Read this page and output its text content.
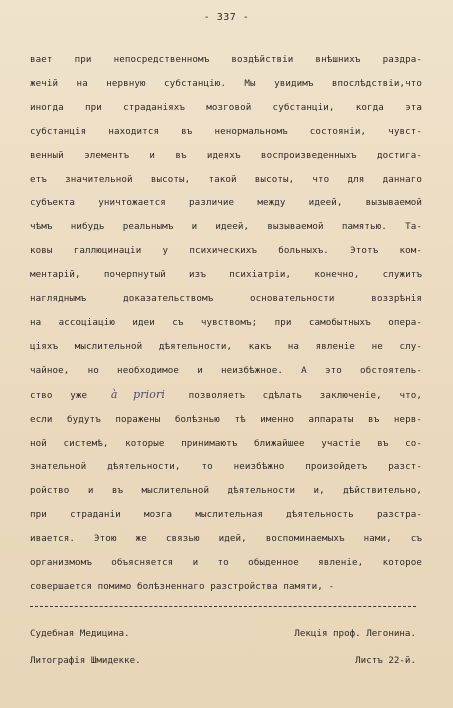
- 337 -
вает при непосредственномъ воздѣйствіи внѣшнихъ раздра-
жечій на нервную субстанцію. Мы увидимъ впослѣдствіи,что
иногда при страданіяхъ мозговой субстанціи, когда эта
субстанція находится въ ненормальномъ состояніи, чувст-
венный элементъ и въ идеяхъ воспроизведенныхъ достига-
етъ значительной высоты, такой высоты, что для даннаго
субъекта уничтожается различие между идеей, вызываемой
чѣмъ нибудь реальнымъ и идеей, вызываемой памятью. Та-
ковы галлюцинаціи у психическихъ больныхъ. Этотъ ком-
ментарій, почерпнутый изъ психіатріи, конечно, служитъ
нагляднымъ доказательствомъ основательности воззрѣнія
на ассоціацію идеи съ чувствомъ; при самобытныхъ опера-
ціяхъ мыслительной дѣятельности, какъ на явленіе не слу-
чайное, но необходимое и неизбѣжное. А это обстоятель-
ство уже à priori	позволяетъ сдѣлать заключеніе, что,
если будутъ поражены болѣзнью тѣ именно аппараты въ нерв-
ной системѣ, которые принимаютъ ближайшее участіе въ со-
знательной дѣятельности, то неизбѣжно произойдетъ разст-
ройство и въ мыслительной дѣятельности и, дѣйствительно,
при страданіи мозга мыслительная дѣятельность разстра-
ивается. Этою же связью идей, воспоминаемыхъ нами, съ
организмомъ объясняется и то обыденное явленіе, которое
совершается помимо болѣзненнаго разстройства памяти, -
Судебная Медицина.	Лекція проф. Легонина.
Литографія Шмидекке.	Листъ 22-й.
